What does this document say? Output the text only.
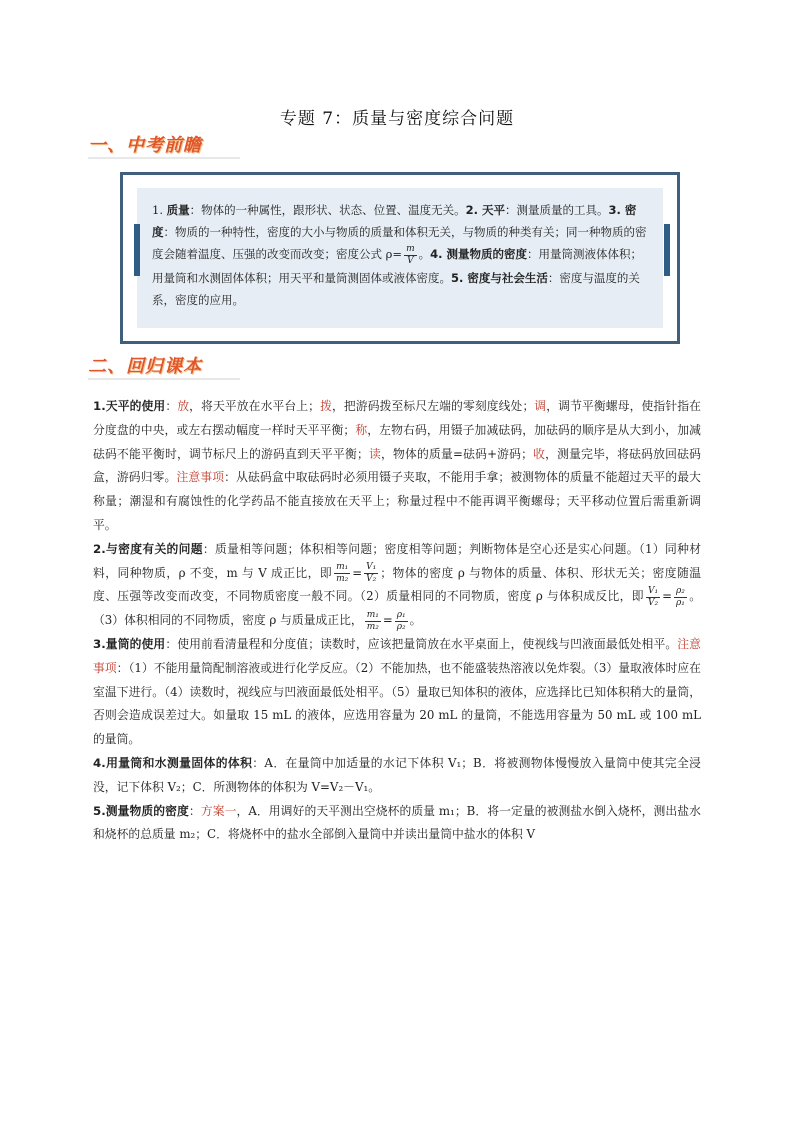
专题 7：质量与密度综合问题
一、中考前瞻
1. 质量：物体的一种属性，跟形状、状态、位置、温度无关。2. 天平：测量质量的工具。3. 密度：物质的一种特性，密度的大小与物质的质量和体积无关，与物质的种类有关；同一种物质的密度会随着温度、压强的改变而改变；密度公式 $\rho= \frac{m}{V}$ 。4. 测量物质的密度：用量筒测液体体积；用量筒和水测固体体积；用天平和量筒测固体或液体密度。5. 密度与社会生活：密度与温度的关系，密度的应用。
二、回归课本

1.天平的使用：放，将天平放在水平台上；拨，把游码拨至标尺左端的零刻度线处；调，调节平衡螺母，使指针指在分度盘的中央，或左右摆动幅度一样时天平平衡；称，左物右码，用镊子加减砝码，加砝码的顺序是从大到小，加减砝码不能平衡时，调节标尺上的游码直到天平平衡；读，物体的质量=砝码+游码；收，测量完毕，将砝码放回砝码盒，游码归零。注意事项：从砝码盒中取砝码时必须用镊子夹取，不能用手拿；被测物体的质量不能超过天平的最大称量；潮湿和有腐蚀性的化学药品不能直接放在天平上；称量过程中不能再调平衡螺母；天平移动位置后需重新调平。

2.与密度有关的问题：质量相等问题；体积相等问题；密度相等问题；判断物体是空心还是实心问题。（1）同种材料，同种物质，ρ 不变，m 与 V 成正比，即 $\frac{\text{m₁}}{\text{m₂}} = \frac{\text{V₁}}{\text{V₂}}$ ；物体的密度 ρ 与物体的质量、体积、形状无关；密度随温度、压强等改变而改变，不同物质密度一般不同。（2）质量相同的不同物质，密度 ρ 与体积成反比，即 $\frac{\text{V₁}}{\text{V₂}} = \frac{\text{ρ₂}}{\text{ρ₁}}$ 。（3）体积相同的不同物质，密度 ρ 与质量成正比， $\frac{\text{m₁}}{\text{m₂}} = \frac{\text{ρ₁}}{\text{ρ₂}}$ 。

3.量筒的使用：使用前看清量程和分度值；读数时，应该把量筒放在水平桌面上，使视线与凹液面最低处相平。注意事项：（1）不能用量筒配制溶液或进行化学反应。（2）不能加热，也不能盛装热溶液以免炸裂。（3）量取液体时应在室温下进行。（4）读数时，视线应与凹液面最低处相平。（5）量取已知体积的液体，应选择比已知体积稍大的量筒，否则会造成误差过大。如量取 15 mL 的液体，应选用容量为 20 mL 的量筒，不能选用容量为 50 mL 或 100 mL 的量筒。

4.用量筒和水测量固体的体积：A．在量筒中加适量的水记下体积 V₁；B．将被测物体慢慢放入量筒中使其完全浸没，记下体积 V₂；C．所测物体的体积为 V=V₂－V₁。

5.测量物质的密度：方案一，A．用调好的天平测出空烧杯的质量 m₁；B．将一定量的被测盐水倒入烧杯，测出盐水和烧杯的总质量 m₂；C．将烧杯中的盐水全部倒入量筒中并读出量筒中盐水的体积 V
